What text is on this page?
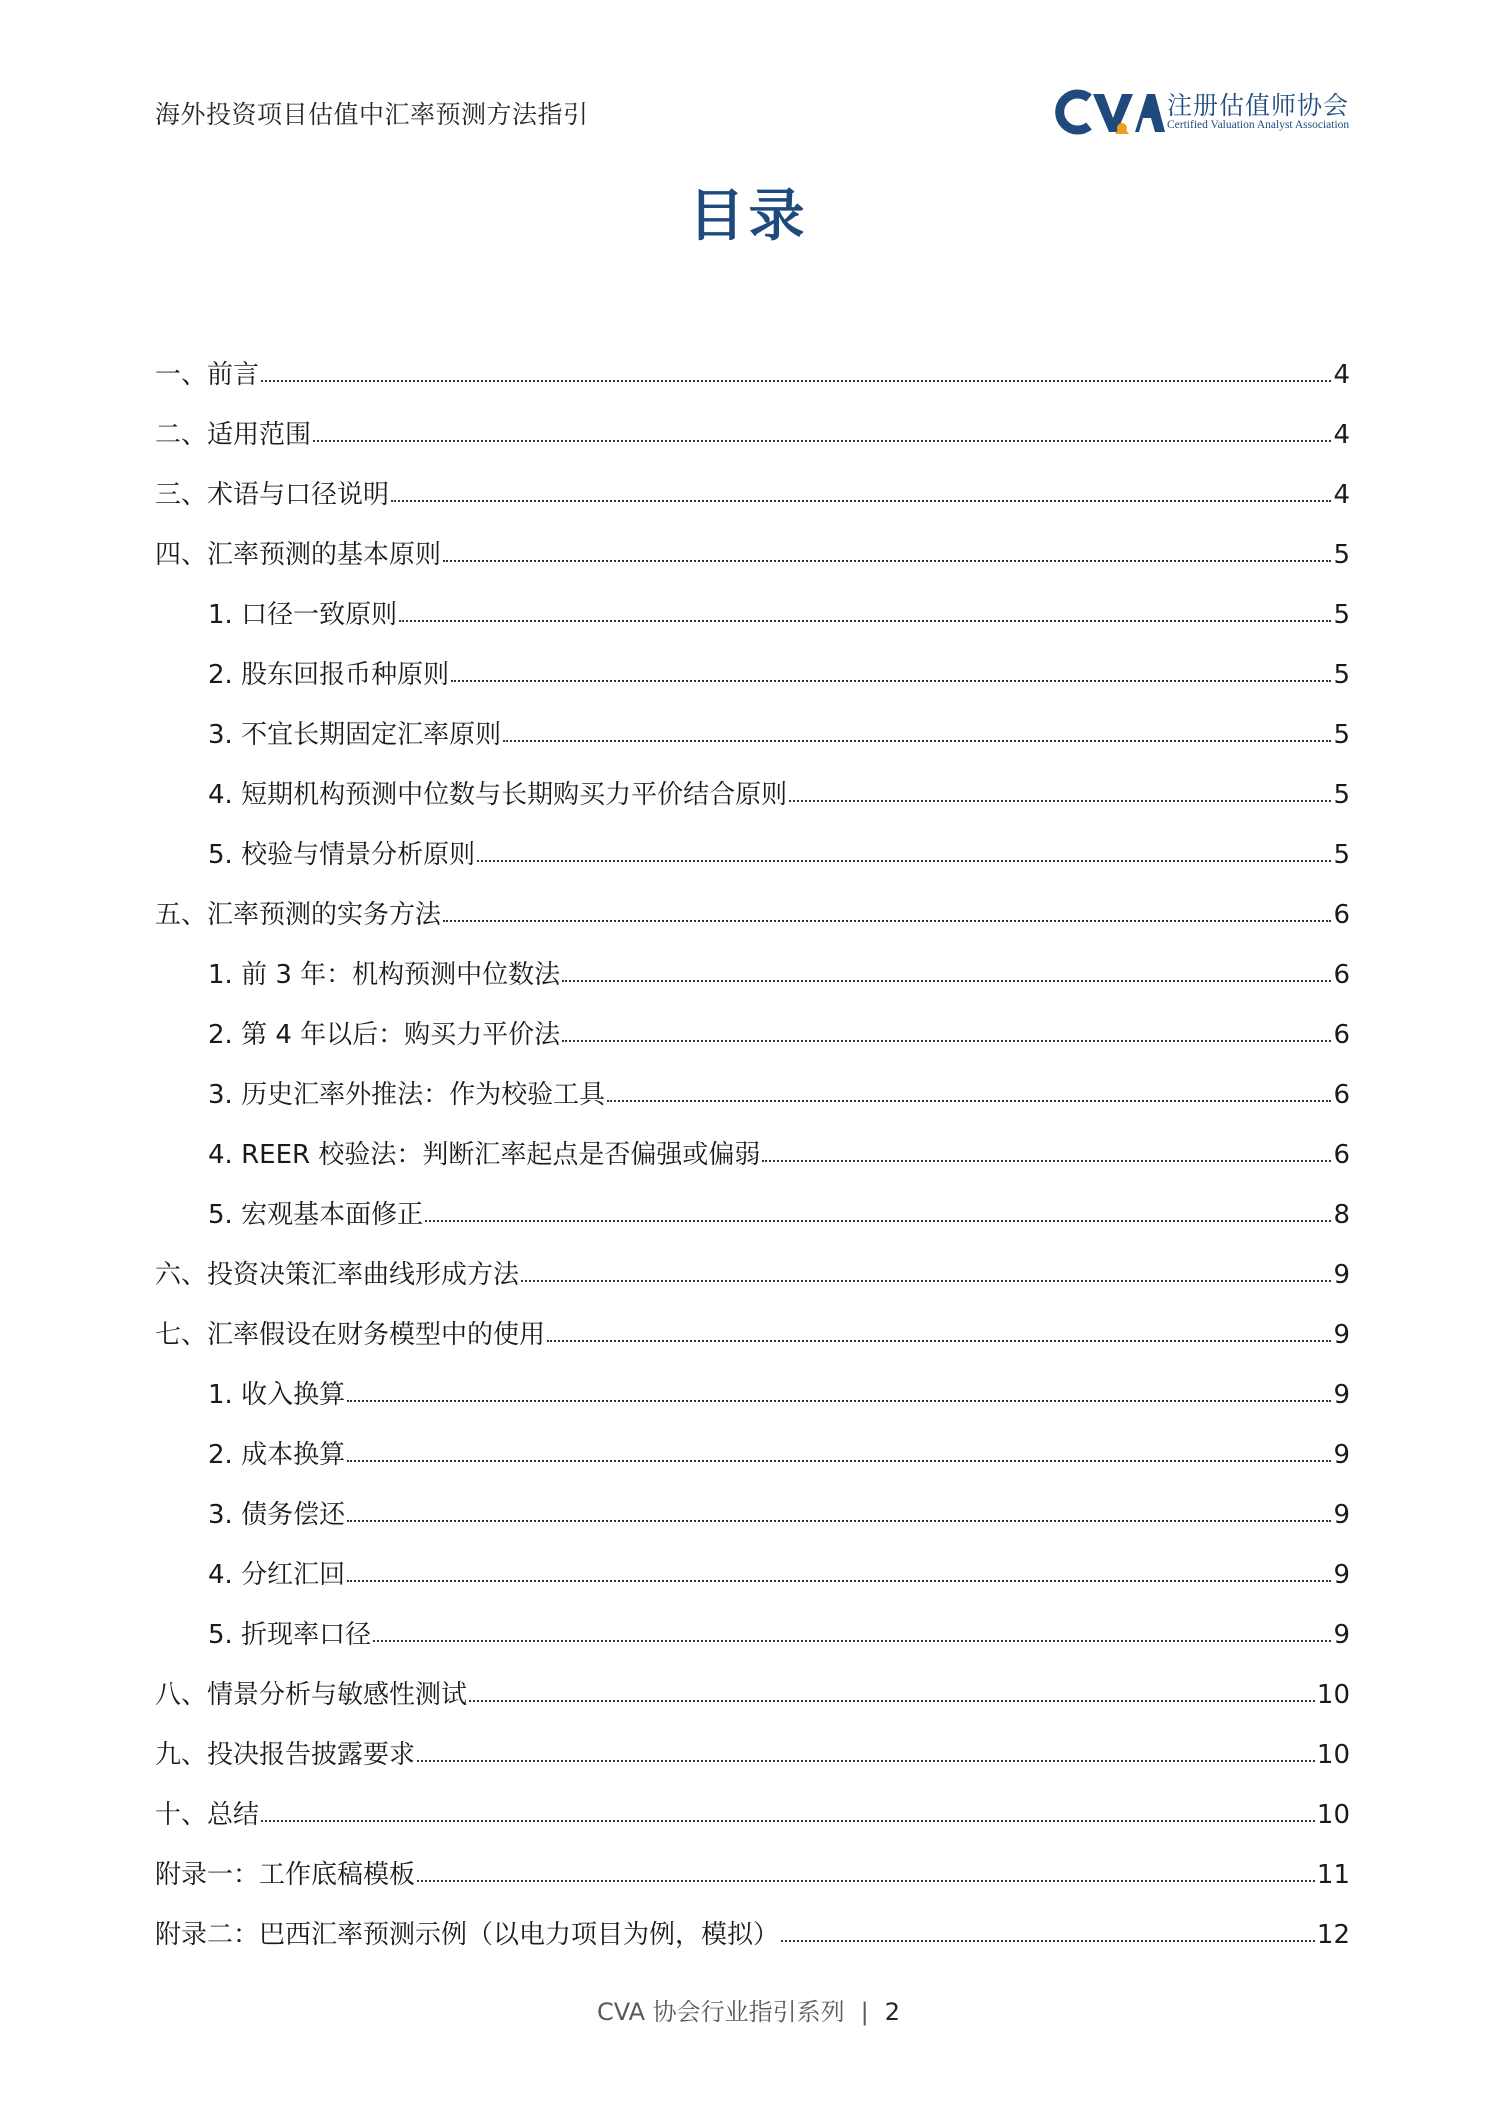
海外投资项目估值中汇率预测方法指引	注册估值师协会
Certified Valuation Analyst Association
目录
一、前言	4
二、适用范围	4
三、术语与口径说明	4
四、汇率预测的基本原则	5
1. 口径一致原则	5
2. 股东回报币种原则	5
3. 不宜长期固定汇率原则	5
4. 短期机构预测中位数与长期购买力平价结合原则	5
5. 校验与情景分析原则	5
五、汇率预测的实务方法	6
1. 前 3 年：机构预测中位数法	6
2. 第 4 年以后：购买力平价法	6
3. 历史汇率外推法：作为校验工具	6
4. REER 校验法：判断汇率起点是否偏强或偏弱	6
5. 宏观基本面修正	8
六、投资决策汇率曲线形成方法	9
七、汇率假设在财务模型中的使用	9
1. 收入换算	9
2. 成本换算	9
3. 债务偿还	9
4. 分红汇回	9
5. 折现率口径	9
八、情景分析与敏感性测试	10
九、投决报告披露要求	10
十、总结	10
附录一：工作底稿模板	11
附录二：巴西汇率预测示例（以电力项目为例，模拟）	12
CVA 协会行业指引系列 | 2
